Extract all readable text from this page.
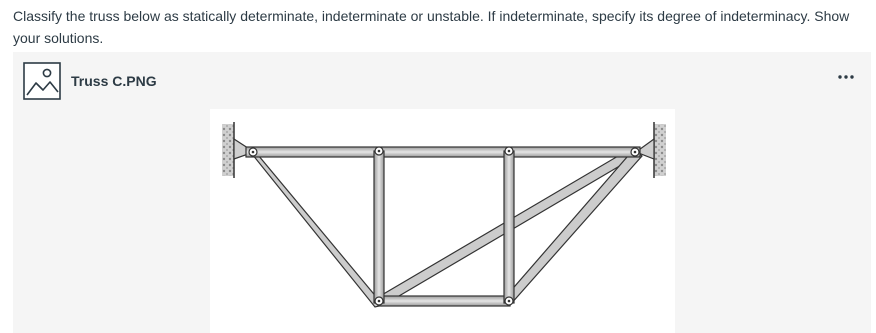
Classify the truss below as statically determinate, indeterminate or unstable. If indeterminate, specify its degree of indeterminacy. Show your solutions.
Truss C.PNG
